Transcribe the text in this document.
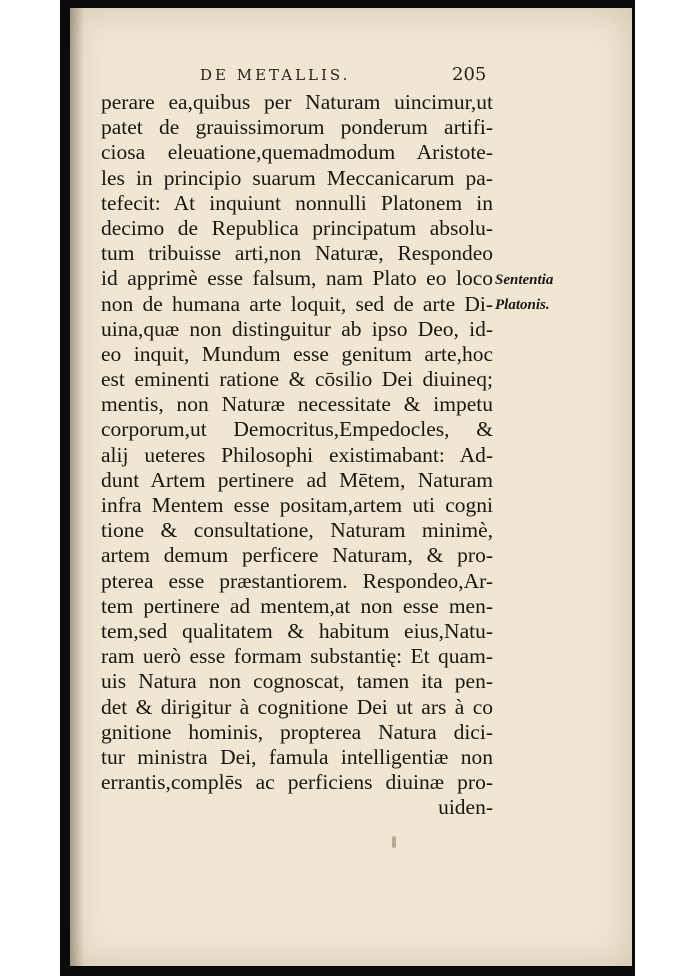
DE METALLIS.	205
perare ea,quibus per Naturam uincimur,ut
patet de grauissimorum ponderum artifi-
ciosa eleuatione,quemadmodum Aristote-
les in principio suarum Meccanicarum pa-
tefecit: At inquiunt nonnulli Platonem in
decimo de Republica principatum absolu-
tum tribuisse arti,non Naturæ, Respondeo
id apprimè esse falsum, nam Plato eo loco
non de humana arte loquit, sed de arte Di-
uina,quæ non distinguitur ab ipso Deo, id-
eo inquit, Mundum esse genitum arte,hoc
est eminenti ratione & cōsilio Dei diuineq;
mentis, non Naturæ necessitate & impetu
corporum,ut Democritus,Empedocles, &
alij ueteres Philosophi existimabant: Ad-
dunt Artem pertinere ad Mētem, Naturam
infra Mentem esse positam,artem uti cogni
tione & consultatione, Naturam minimè,
artem demum perficere Naturam, & pro-
pterea esse præstantiorem. Respondeo,Ar-
tem pertinere ad mentem,at non esse men-
tem,sed qualitatem & habitum eius,Natu-
ram uerò esse formam substantię: Et quam-
uis Natura non cognoscat, tamen ita pen-
det & dirigitur à cognitione Dei ut ars à co
gnitione hominis, propterea Natura dici-
tur ministra Dei, famula intelligentiæ non
errantis,complēs ac perficiens diuinæ pro-
uiden-
Sententia
Platonis.
